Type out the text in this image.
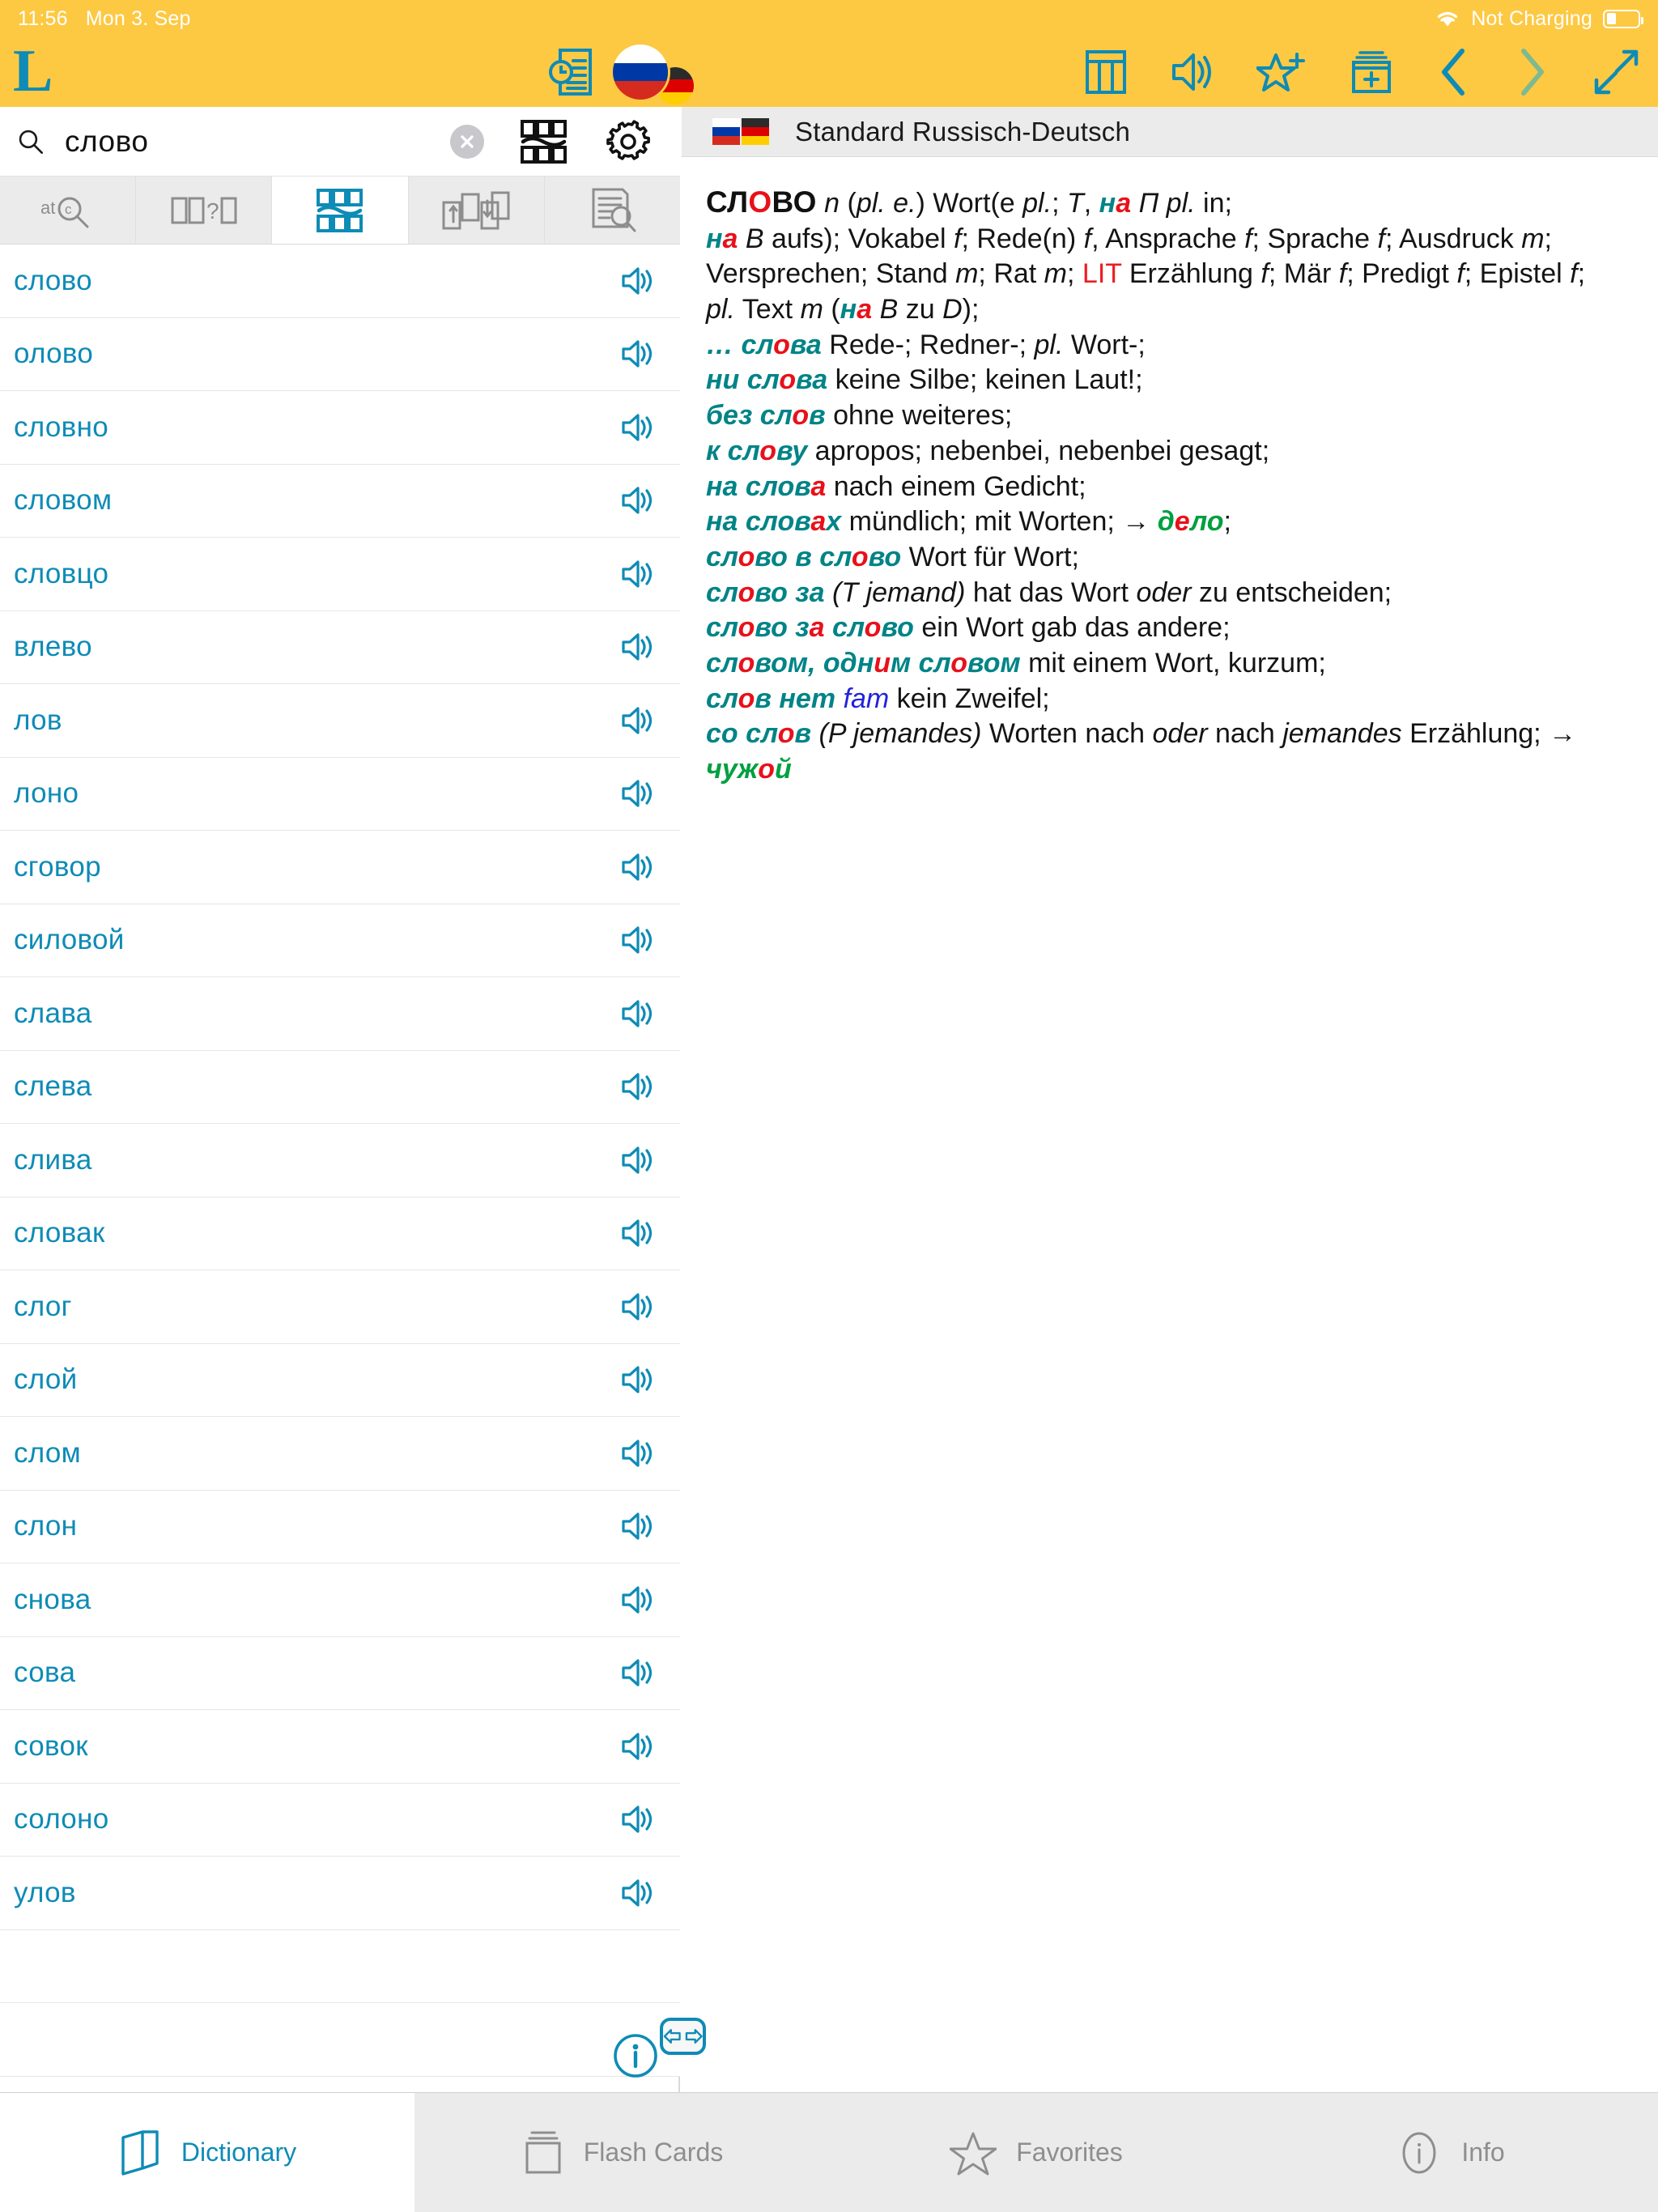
11:56 Mon 3. Sep	Not Charging
L
слово
at c	?
слово
олово
словно
словом
словцо
влево
лов
лоно
сговор
силовой
слава
слева
слива
словак
слог
слой
слом
слон
снова
сова
совок
солоно
улов
Standard Russisch-Deutsch

СЛОВО n (pl. e.) Wort(e pl.; T, на П pl. in;

на B aufs); Vokabel f; Rede(n) f, Ansprache f; Sprache f; Ausdruck m;

Versprechen; Stand m; Rat m; LIT Erzählung f; Mär f; Predigt f; Epistel f;

pl. Text m (на B zu D);

… слова Rede-; Redner-; pl. Wort-;

ни слова keine Silbe; keinen Laut!;

без слов ohne weiteres;

к слову apropos; nebenbei, nebenbei gesagt;

на слова nach einem Gedicht;

на словах mündlich; mit Worten; → дело;

слово в слово Wort für Wort;

слово за (T jemand) hat das Wort oder zu entscheiden;

слово за слово ein Wort gab das andere;

словом, одним словом mit einem Wort, kurzum;

слов нет fam kein Zweifel;

со слов (P jemandes) Worten nach oder nach jemandes Erzählung; →

чужой

Dictionary	Flash Cards	Favorites	Info
